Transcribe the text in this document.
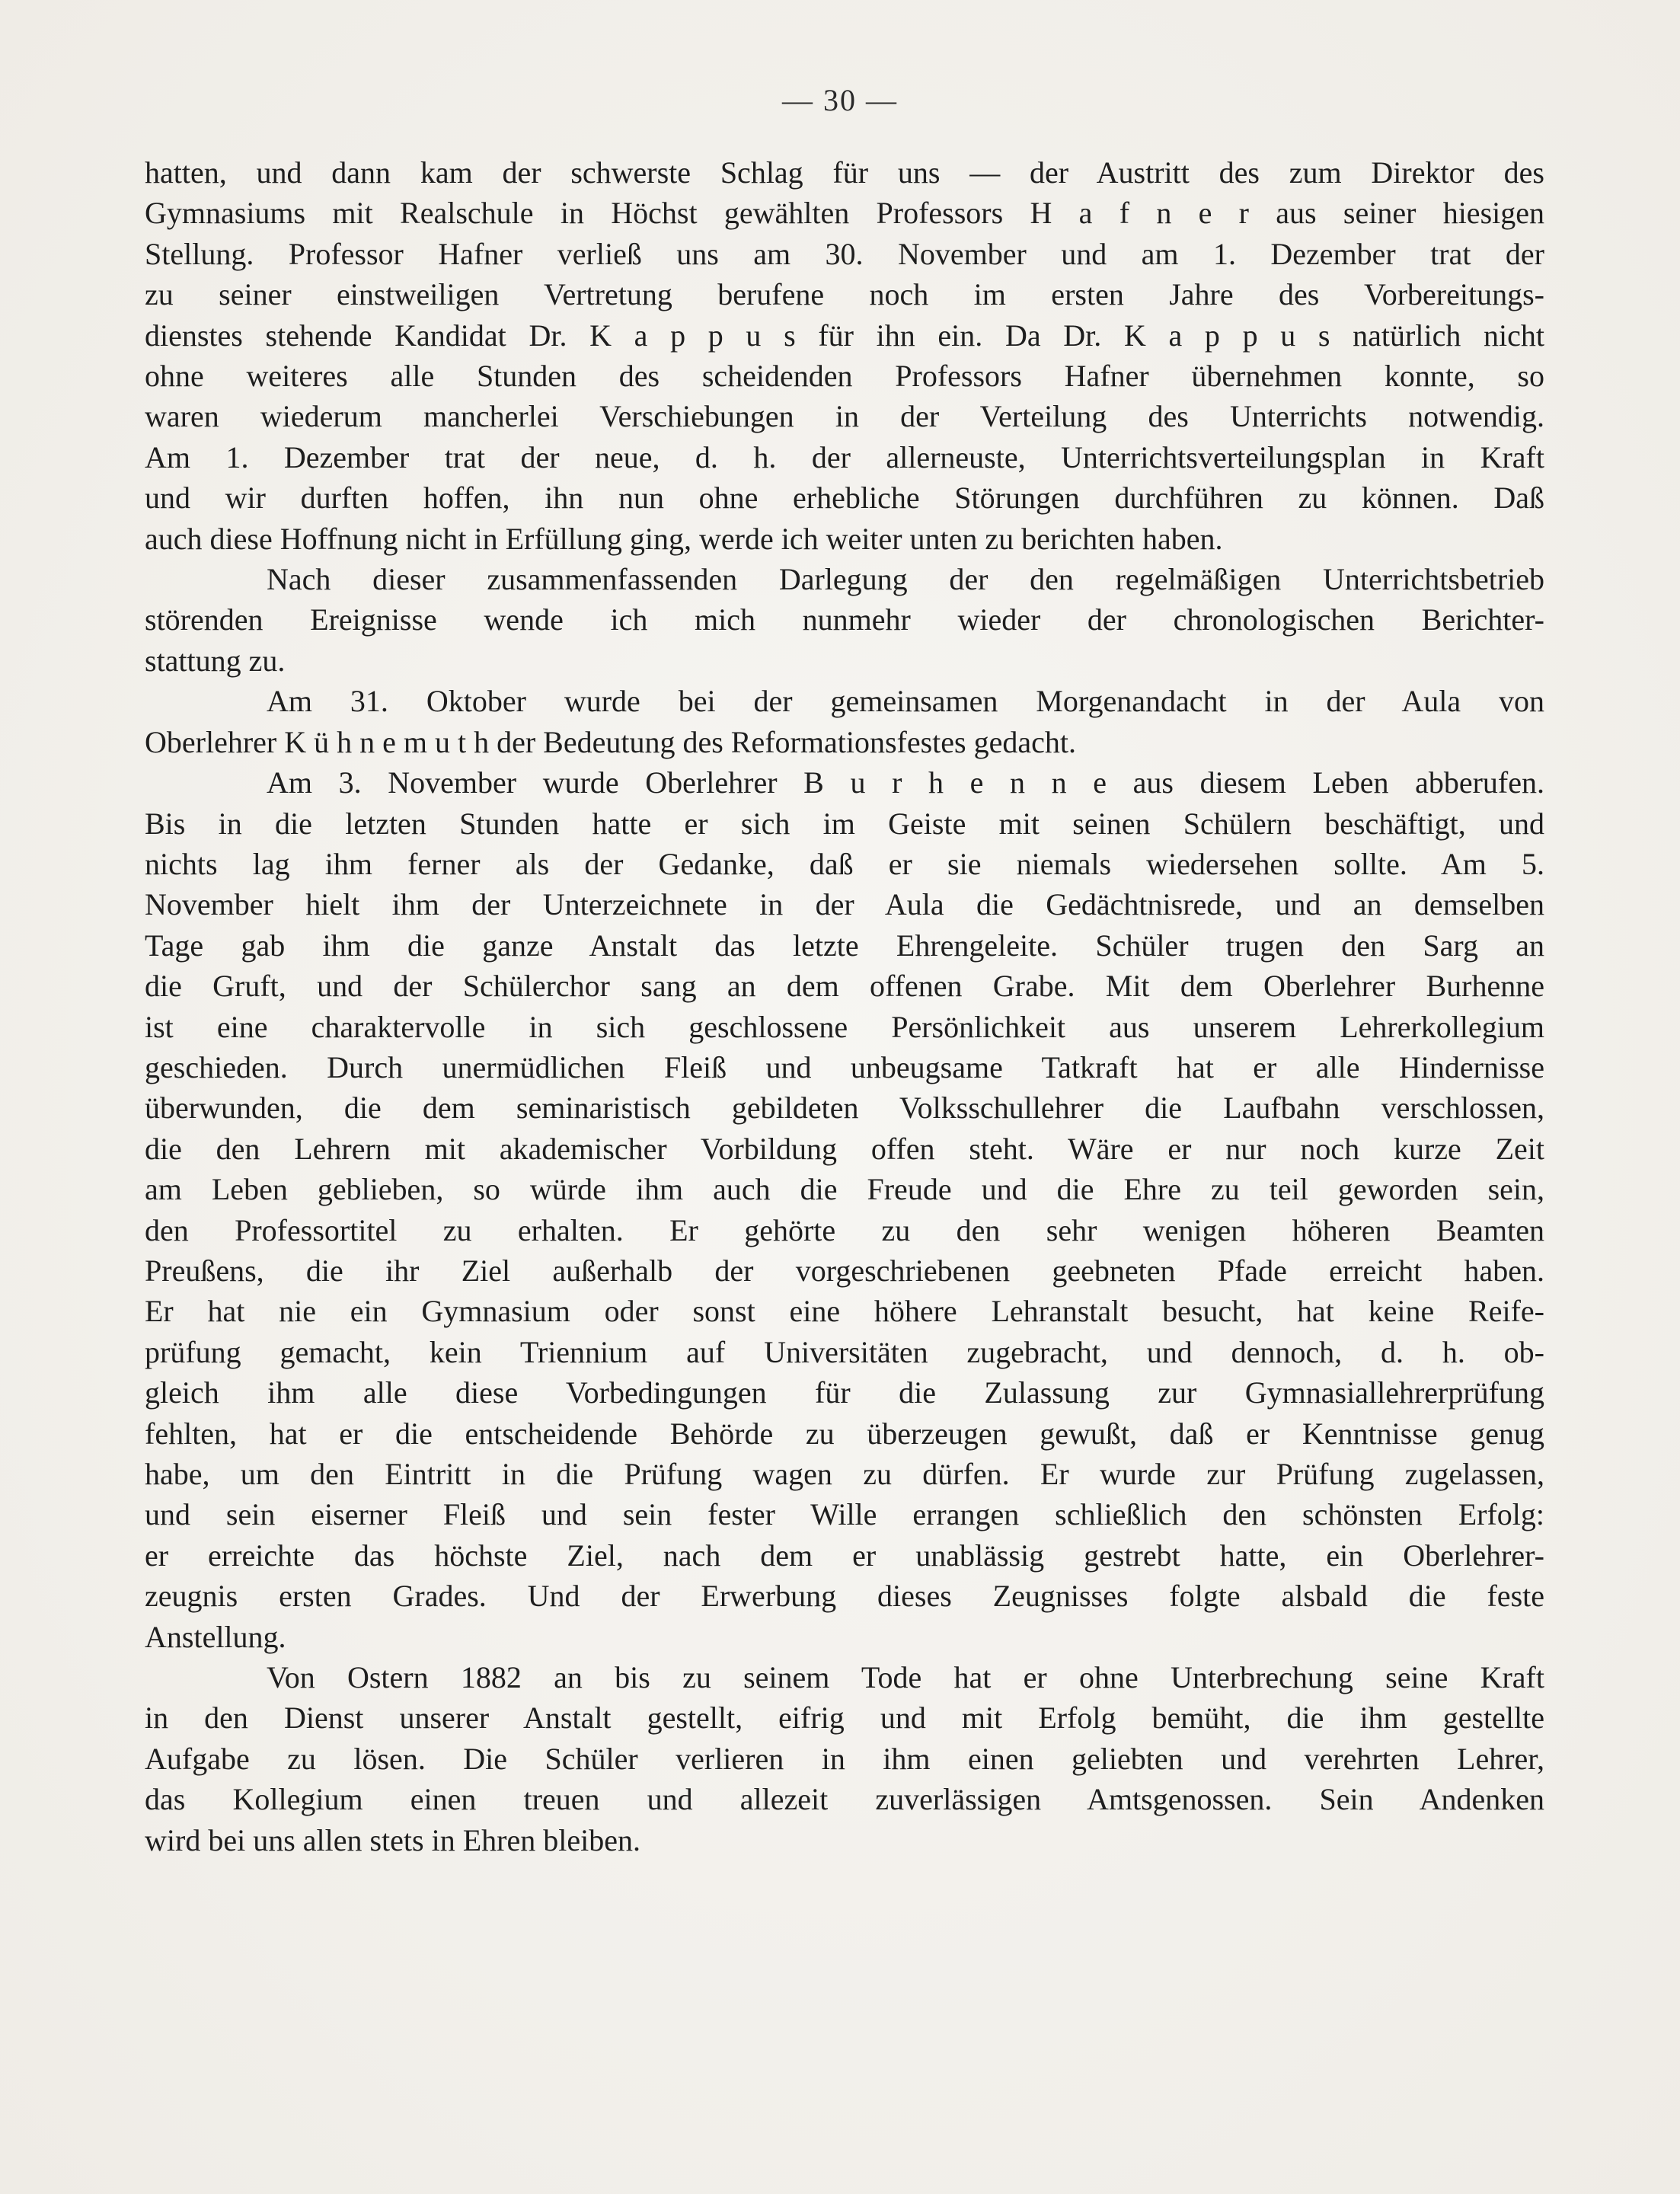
— 30 —
hatten, und dann kam der schwerste Schlag für uns — der Austritt des zum Direktor des
Gymnasiums mit Realschule in Höchst gewählten Professors H a f n e r aus seiner hiesigen
Stellung. Professor Hafner verließ uns am 30. November und am 1. Dezember trat der
zu seiner einstweiligen Vertretung berufene noch im ersten Jahre des Vorbereitungs-
dienstes stehende Kandidat Dr. K a p p u s für ihn ein. Da Dr. K a p p u s natürlich nicht
ohne weiteres alle Stunden des scheidenden Professors Hafner übernehmen konnte, so
waren wiederum mancherlei Verschiebungen in der Verteilung des Unterrichts notwendig.
Am 1. Dezember trat der neue, d. h. der allerneuste, Unterrichtsverteilungsplan in Kraft
und wir durften hoffen, ihn nun ohne erhebliche Störungen durchführen zu können. Daß
auch diese Hoffnung nicht in Erfüllung ging, werde ich weiter unten zu berichten haben.
Nach dieser zusammenfassenden Darlegung der den regelmäßigen Unterrichtsbetrieb
störenden Ereignisse wende ich mich nunmehr wieder der chronologischen Berichter-
stattung zu.
Am 31. Oktober wurde bei der gemeinsamen Morgenandacht in der Aula von
Oberlehrer K ü h n e m u t h der Bedeutung des Reformationsfestes gedacht.
Am 3. November wurde Oberlehrer B u r h e n n e aus diesem Leben abberufen.
Bis in die letzten Stunden hatte er sich im Geiste mit seinen Schülern beschäftigt, und
nichts lag ihm ferner als der Gedanke, daß er sie niemals wiedersehen sollte. Am 5.
November hielt ihm der Unterzeichnete in der Aula die Gedächtnisrede, und an demselben
Tage gab ihm die ganze Anstalt das letzte Ehrengeleite. Schüler trugen den Sarg an
die Gruft, und der Schülerchor sang an dem offenen Grabe. Mit dem Oberlehrer Burhenne
ist eine charaktervolle in sich geschlossene Persönlichkeit aus unserem Lehrerkollegium
geschieden. Durch unermüdlichen Fleiß und unbeugsame Tatkraft hat er alle Hindernisse
überwunden, die dem seminaristisch gebildeten Volksschullehrer die Laufbahn verschlossen,
die den Lehrern mit akademischer Vorbildung offen steht. Wäre er nur noch kurze Zeit
am Leben geblieben, so würde ihm auch die Freude und die Ehre zu teil geworden sein,
den Professortitel zu erhalten. Er gehörte zu den sehr wenigen höheren Beamten
Preußens, die ihr Ziel außerhalb der vorgeschriebenen geebneten Pfade erreicht haben.
Er hat nie ein Gymnasium oder sonst eine höhere Lehranstalt besucht, hat keine Reife-
prüfung gemacht, kein Triennium auf Universitäten zugebracht, und dennoch, d. h. ob-
gleich ihm alle diese Vorbedingungen für die Zulassung zur Gymnasiallehrerprüfung
fehlten, hat er die entscheidende Behörde zu überzeugen gewußt, daß er Kenntnisse genug
habe, um den Eintritt in die Prüfung wagen zu dürfen. Er wurde zur Prüfung zugelassen,
und sein eiserner Fleiß und sein fester Wille errangen schließlich den schönsten Erfolg:
er erreichte das höchste Ziel, nach dem er unablässig gestrebt hatte, ein Oberlehrer-
zeugnis ersten Grades. Und der Erwerbung dieses Zeugnisses folgte alsbald die feste
Anstellung.
Von Ostern 1882 an bis zu seinem Tode hat er ohne Unterbrechung seine Kraft
in den Dienst unserer Anstalt gestellt, eifrig und mit Erfolg bemüht, die ihm gestellte
Aufgabe zu lösen. Die Schüler verlieren in ihm einen geliebten und verehrten Lehrer,
das Kollegium einen treuen und allezeit zuverlässigen Amtsgenossen. Sein Andenken
wird bei uns allen stets in Ehren bleiben.
